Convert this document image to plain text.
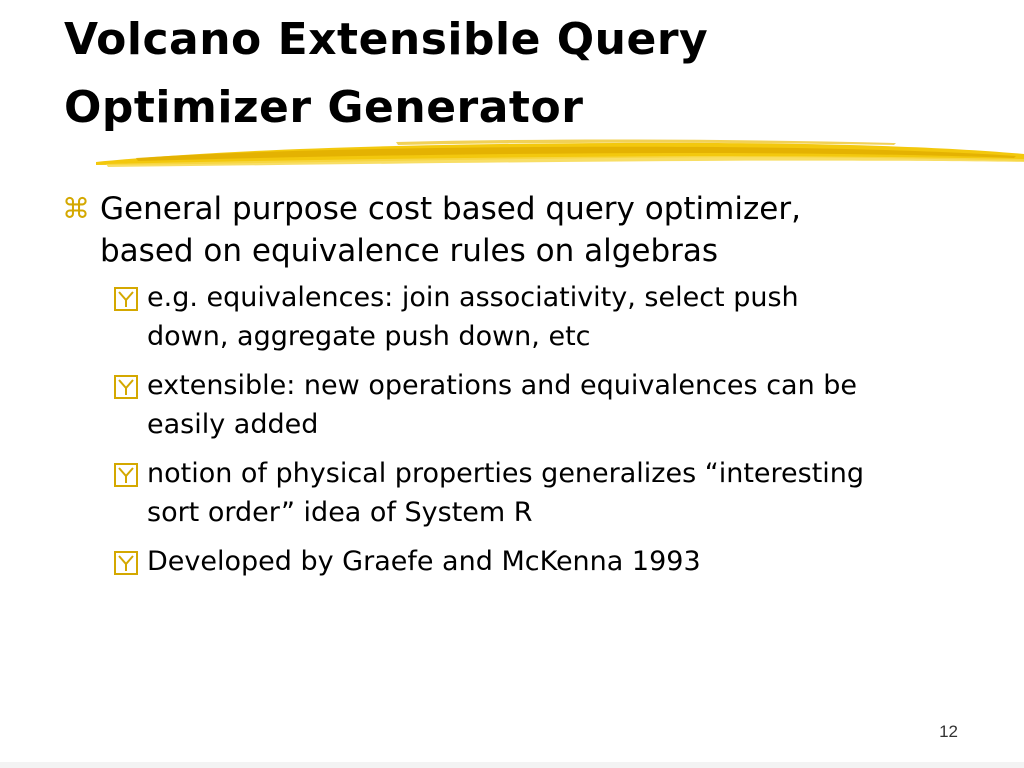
Volcano Extensible Query
Optimizer Generator
⌘ General purpose cost based query optimizer,
based on equivalence rules on algebras
e.g. equivalences: join associativity, select push
down, aggregate push down, etc
extensible: new operations and equivalences can be
easily added
notion of physical properties generalizes “interesting
sort order” idea of System R
Developed by Graefe and McKenna 1993
12
